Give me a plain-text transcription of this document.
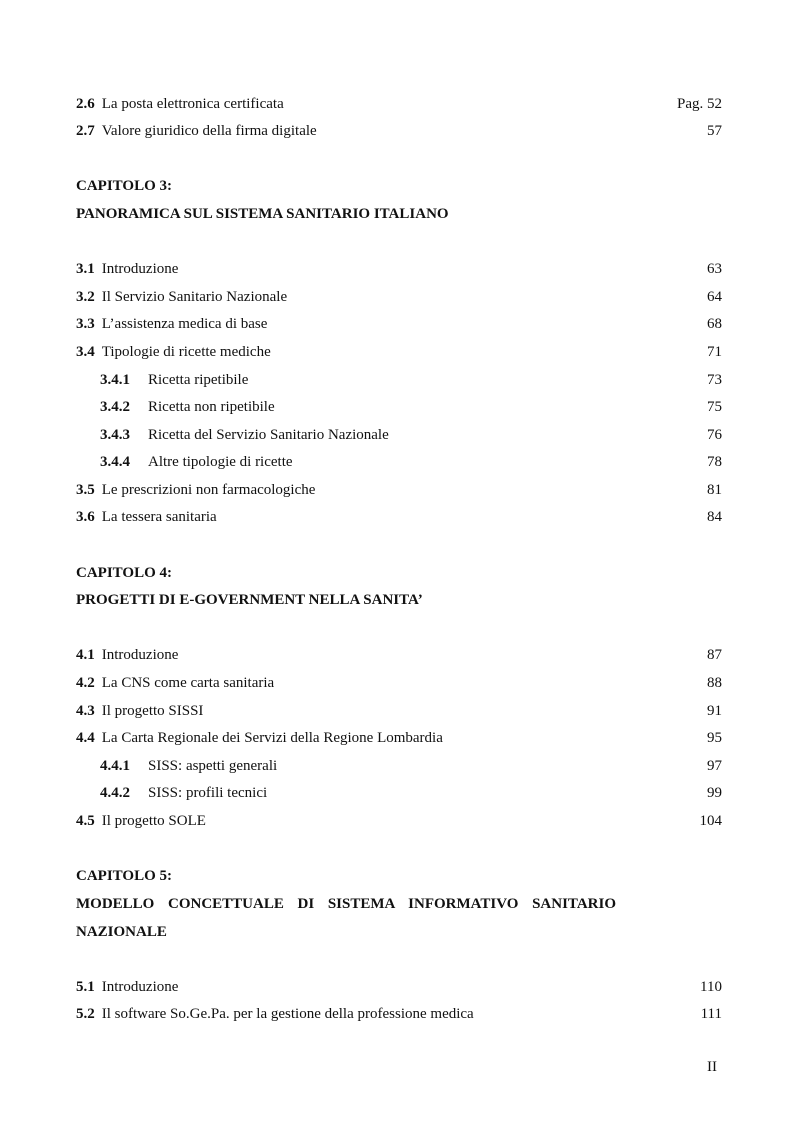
2.6 La posta elettronica certificata	Pag. 52
2.7 Valore giuridico della firma digitale	57
CAPITOLO 3:
PANORAMICA SUL SISTEMA SANITARIO ITALIANO
3.1 Introduzione	63
3.2 Il Servizio Sanitario Nazionale	64
3.3 L’assistenza medica di base	68
3.4 Tipologie di ricette mediche	71
3.4.1 Ricetta ripetibile	73
3.4.2 Ricetta non ripetibile	75
3.4.3 Ricetta del Servizio Sanitario Nazionale	76
3.4.4 Altre tipologie di ricette	78
3.5 Le prescrizioni non farmacologiche	81
3.6 La tessera sanitaria	84
CAPITOLO 4:
PROGETTI DI E-GOVERNMENT NELLA SANITA’
4.1 Introduzione	87
4.2 La CNS come carta sanitaria	88
4.3 Il progetto SISSI	91
4.4 La Carta Regionale dei Servizi della Regione Lombardia	95
4.4.1 SISS: aspetti generali	97
4.4.2 SISS: profili tecnici	99
4.5 Il progetto SOLE	104
CAPITOLO 5:
MODELLO CONCETTUALE DI SISTEMA INFORMATIVO SANITARIO
NAZIONALE
5.1 Introduzione	110
5.2 Il software So.Ge.Pa. per la gestione della professione medica	111
II
